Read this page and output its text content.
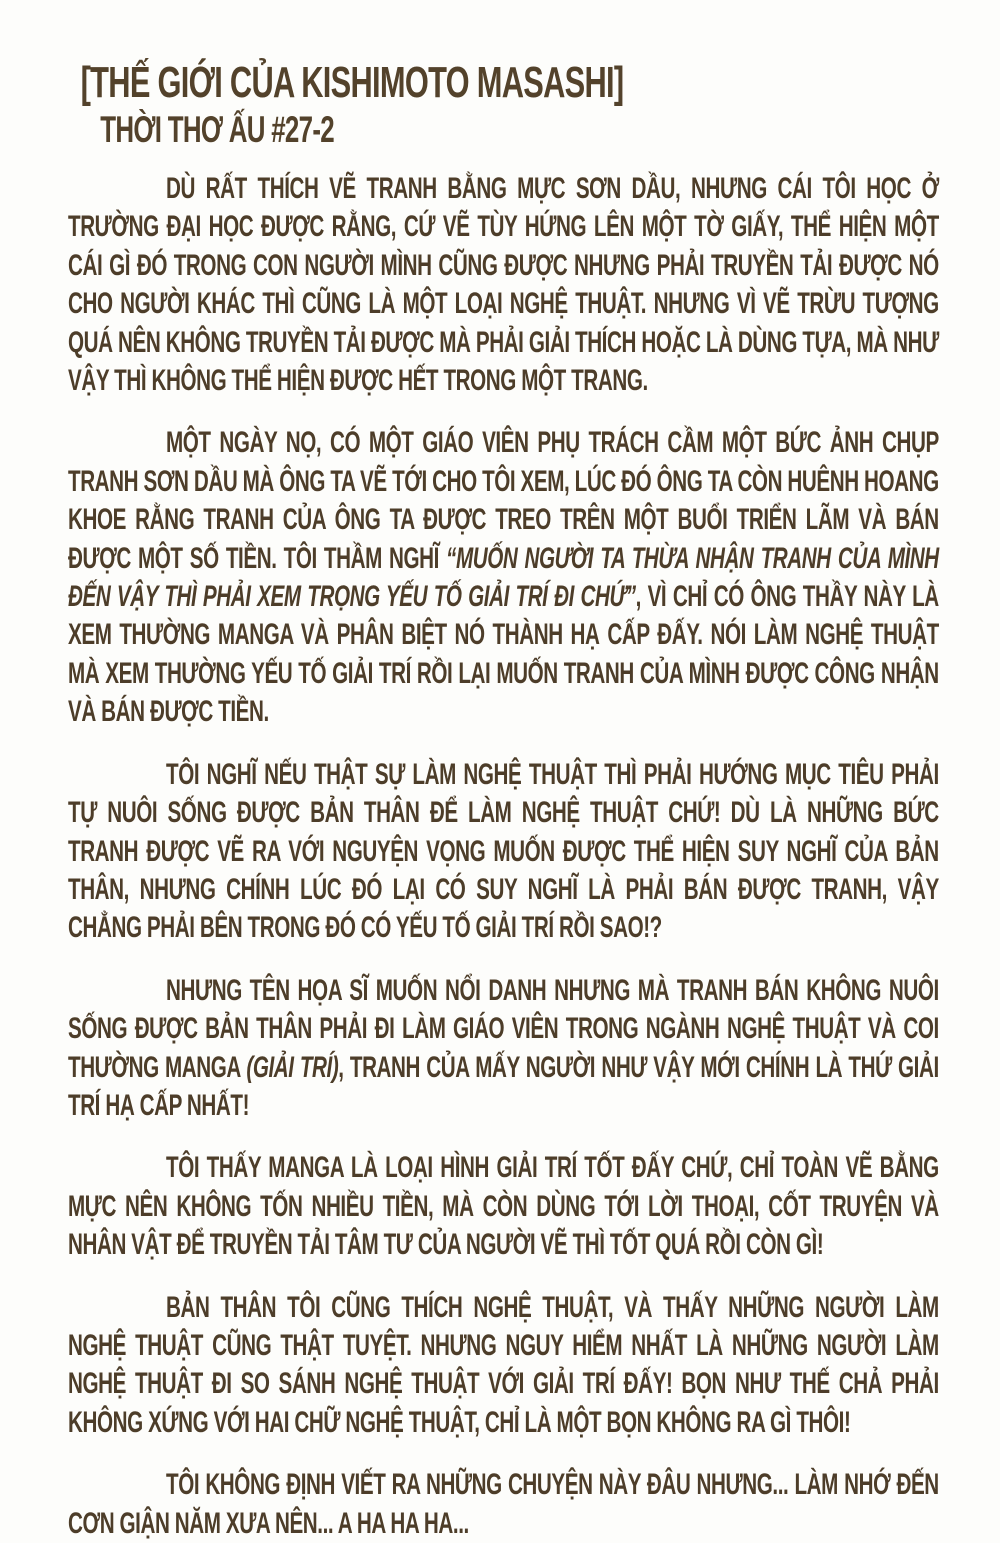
[THẾ GIỚI CỦA KISHIMOTO MASASHI]
THỜI THƠ ẤU #27-2

DÙ RẤT THÍCH VẼ TRANH BẰNG MỰC SƠN DẦU, NHƯNG CÁI TÔI HỌC Ở TRƯỜNG ĐẠI HỌC ĐƯỢC RẰNG, CỨ VẼ TÙY HỨNG LÊN MỘT TỜ GIẤY, THỂ HIỆN MỘT CÁI GÌ ĐÓ TRONG CON NGƯỜI MÌNH CŨNG ĐƯỢC NHƯNG PHẢI TRUYỀN TẢI ĐƯỢC NÓ CHO NGƯỜI KHÁC THÌ CŨNG LÀ MỘT LOẠI NGHỆ THUẬT. NHƯNG VÌ VẼ TRỪU TƯỢNG QUÁ NÊN KHÔNG TRUYỀN TẢI ĐƯỢC MÀ PHẢI GIẢI THÍCH HOẶC LÀ DÙNG TỰA, MÀ NHƯ VẬY THÌ KHÔNG THỂ HIỆN ĐƯỢC HẾT TRONG MỘT TRANG.

MỘT NGÀY NỌ, CÓ MỘT GIÁO VIÊN PHỤ TRÁCH CẦM MỘT BỨC ẢNH CHỤP TRANH SƠN DẦU MÀ ÔNG TA VẼ TỚI CHO TÔI XEM, LÚC ĐÓ ÔNG TA CÒN HUÊNH HOANG KHOE RẰNG TRANH CỦA ÔNG TA ĐƯỢC TREO TRÊN MỘT BUỔI TRIỂN LÃM VÀ BÁN ĐƯỢC MỘT SỐ TIỀN. TÔI THẦM NGHĨ “MUỐN NGƯỜI TA THỪA NHẬN TRANH CỦA MÌNH ĐẾN VẬY THÌ PHẢI XEM TRỌNG YẾU TỐ GIẢI TRÍ ĐI CHỨ”, VÌ CHỈ CÓ ÔNG THẦY NÀY LÀ XEM THƯỜNG MANGA VÀ PHÂN BIỆT NÓ THÀNH HẠ CẤP ĐẤY. NÓI LÀM NGHỆ THUẬT MÀ XEM THƯỜNG YẾU TỐ GIẢI TRÍ RỒI LẠI MUỐN TRANH CỦA MÌNH ĐƯỢC CÔNG NHẬN VÀ BÁN ĐƯỢC TIỀN.

TÔI NGHĨ NẾU THẬT SỰ LÀM NGHỆ THUẬT THÌ PHẢI HƯỚNG MỤC TIÊU PHẢI TỰ NUÔI SỐNG ĐƯỢC BẢN THÂN ĐỂ LÀM NGHỆ THUẬT CHỨ! DÙ LÀ NHỮNG BỨC TRANH ĐƯỢC VẼ RA VỚI NGUYỆN VỌNG MUỐN ĐƯỢC THỂ HIỆN SUY NGHĨ CỦA BẢN THÂN, NHƯNG CHÍNH LÚC ĐÓ LẠI CÓ SUY NGHĨ LÀ PHẢI BÁN ĐƯỢC TRANH, VẬY CHẲNG PHẢI BÊN TRONG ĐÓ CÓ YẾU TỐ GIẢI TRÍ RỒI SAO!?

NHƯNG TÊN HỌA SĨ MUỐN NỔI DANH NHƯNG MÀ TRANH BÁN KHÔNG NUÔI SỐNG ĐƯỢC BẢN THÂN PHẢI ĐI LÀM GIÁO VIÊN TRONG NGÀNH NGHỆ THUẬT VÀ COI THƯỜNG MANGA (GIẢI TRÍ), TRANH CỦA MẤY NGƯỜI NHƯ VẬY MỚI CHÍNH LÀ THỨ GIẢI TRÍ HẠ CẤP NHẤT!

TÔI THẤY MANGA LÀ LOẠI HÌNH GIẢI TRÍ TỐT ĐẤY CHỨ, CHỈ TOÀN VẼ BẰNG MỰC NÊN KHÔNG TỐN NHIỀU TIỀN, MÀ CÒN DÙNG TỚI LỜI THOẠI, CỐT TRUYỆN VÀ NHÂN VẬT ĐỂ TRUYỀN TẢI TÂM TƯ CỦA NGƯỜI VẼ THÌ TỐT QUÁ RỒI CÒN GÌ!

BẢN THÂN TÔI CŨNG THÍCH NGHỆ THUẬT, VÀ THẤY NHỮNG NGƯỜI LÀM NGHỆ THUẬT CŨNG THẬT TUYỆT. NHƯNG NGUY HIỂM NHẤT LÀ NHỮNG NGƯỜI LÀM NGHỆ THUẬT ĐI SO SÁNH NGHỆ THUẬT VỚI GIẢI TRÍ ĐẤY! BỌN NHƯ THẾ CHẢ PHẢI KHÔNG XỨNG VỚI HAI CHỮ NGHỆ THUẬT, CHỈ LÀ MỘT BỌN KHÔNG RA GÌ THÔI!

TÔI KHÔNG ĐỊNH VIẾT RA NHỮNG CHUYỆN NÀY ĐÂU NHƯNG... LÀM NHỚ ĐẾN CƠN GIẬN NĂM XƯA NÊN... A HA HA HA...
